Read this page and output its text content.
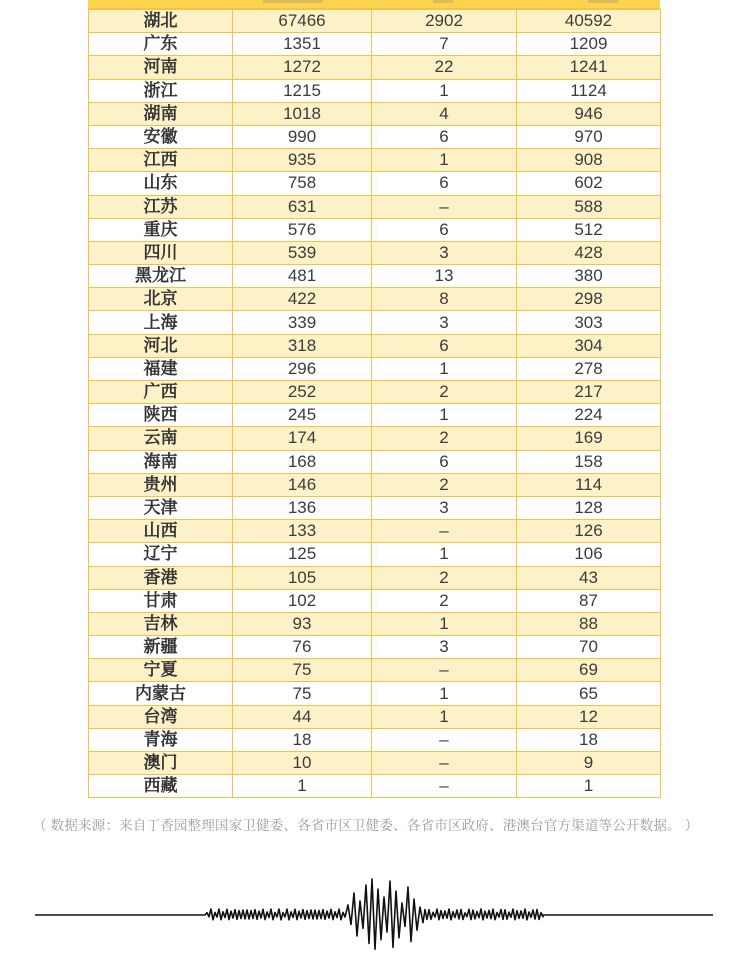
湖北	67466	2902	40592
广东	1351	7	1209
河南	1272	22	1241
浙江	1215	1	1124
湖南	1018	4	946
安徽	990	6	970
江西	935	1	908
山东	758	6	602
江苏	631	–	588
重庆	576	6	512
四川	539	3	428
黑龙江	481	13	380
北京	422	8	298
上海	339	3	303
河北	318	6	304
福建	296	1	278
广西	252	2	217
陕西	245	1	224
云南	174	2	169
海南	168	6	158
贵州	146	2	114
天津	136	3	128
山西	133	–	126
辽宁	125	1	106
香港	105	2	43
甘肃	102	2	87
吉林	93	1	88
新疆	76	3	70
宁夏	75	–	69
内蒙古	75	1	65
台湾	44	1	12
青海	18	–	18
澳门	10	–	9
西藏	1	–	1
（ 数据来源：来自丁香园整理国家卫健委、各省市区卫健委、各省市区政府、港澳台官方渠道等公开数据。 ）
